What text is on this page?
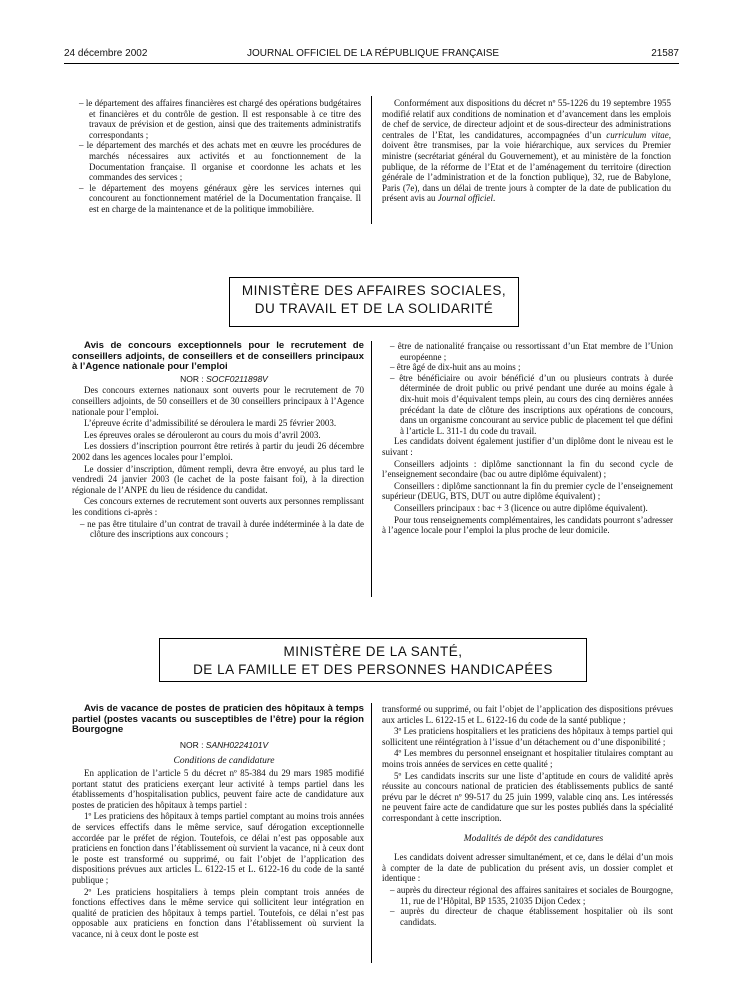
24 décembre 2002	JOURNAL OFFICIEL DE LA RÉPUBLIQUE FRANÇAISE	21587

– le département des affaires financières est chargé des opérations budgétaires et financières et du contrôle de gestion. Il est responsable à ce titre des travaux de prévision et de gestion, ainsi que des traitements administratifs correspondants ;

– le département des marchés et des achats met en œuvre les procédures de marchés nécessaires aux activités et au fonctionnement de la Documentation française. Il organise et coordonne les achats et les commandes des services ;

– le département des moyens généraux gère les services internes qui concourent au fonctionnement matériel de la Documentation française. Il est en charge de la maintenance et de la politique immobilière.

Conformément aux dispositions du décret nº 55-1226 du 19 septembre 1955 modifié relatif aux conditions de nomination et d’avancement dans les emplois de chef de service, de directeur adjoint et de sous-directeur des administrations centrales de l’Etat, les candidatures, accompagnées d’un curriculum vitae, doivent être transmises, par la voie hiérarchique, aux services du Premier ministre (secrétariat général du Gouvernement), et au ministère de la fonction publique, de la réforme de l’Etat et de l’aménagement du territoire (direction générale de l’administration et de la fonction publique), 32, rue de Babylone, Paris (7e), dans un délai de trente jours à compter de la date de publication du présent avis au Journal officiel.

MINISTÈRE DES AFFAIRES SOCIALES,
DU TRAVAIL ET DE LA SOLIDARITÉ

Avis de concours exceptionnels pour le recrutement de conseillers adjoints, de conseillers et de conseillers principaux à l’Agence nationale pour l’emploi

NOR : SOCF0211898V

Des concours externes nationaux sont ouverts pour le recrutement de 70 conseillers adjoints, de 50 conseillers et de 30 conseillers principaux à l’Agence nationale pour l’emploi.

L’épreuve écrite d’admissibilité se déroulera le mardi 25 février 2003.

Les épreuves orales se dérouleront au cours du mois d’avril 2003.

Les dossiers d’inscription pourront être retirés à partir du jeudi 26 décembre 2002 dans les agences locales pour l’emploi.

Le dossier d’inscription, dûment rempli, devra être envoyé, au plus tard le vendredi 24 janvier 2003 (le cachet de la poste faisant foi), à la direction régionale de l’ANPE du lieu de résidence du candidat.

Ces concours externes de recrutement sont ouverts aux personnes remplissant les conditions ci-après :

– ne pas être titulaire d’un contrat de travail à durée indéterminée à la date de clôture des inscriptions aux concours ;

– être de nationalité française ou ressortissant d’un Etat membre de l’Union européenne ;

– être âgé de dix-huit ans au moins ;

– être bénéficiaire ou avoir bénéficié d’un ou plusieurs contrats à durée déterminée de droit public ou privé pendant une durée au moins égale à dix-huit mois d’équivalent temps plein, au cours des cinq dernières années précédant la date de clôture des inscriptions aux opérations de concours, dans un organisme concourant au service public de placement tel que défini à l’article L. 311-1 du code du travail.

Les candidats doivent également justifier d’un diplôme dont le niveau est le suivant :

Conseillers adjoints : diplôme sanctionnant la fin du second cycle de l’enseignement secondaire (bac ou autre diplôme équivalent) ;

Conseillers : diplôme sanctionnant la fin du premier cycle de l’enseignement supérieur (DEUG, BTS, DUT ou autre diplôme équivalent) ;

Conseillers principaux : bac + 3 (licence ou autre diplôme équivalent).

Pour tous renseignements complémentaires, les candidats pourront s’adresser à l’agence locale pour l’emploi la plus proche de leur domicile.

MINISTÈRE DE LA SANTÉ,
DE LA FAMILLE ET DES PERSONNES HANDICAPÉES

Avis de vacance de postes de praticien des hôpitaux à temps partiel (postes vacants ou susceptibles de l’être) pour la région Bourgogne

NOR : SANH0224101V

Conditions de candidature

En application de l’article 5 du décret nº 85-384 du 29 mars 1985 modifié portant statut des praticiens exerçant leur activité à temps partiel dans les établissements d’hospitalisation publics, peuvent faire acte de candidature aux postes de praticien des hôpitaux à temps partiel :

1º Les praticiens des hôpitaux à temps partiel comptant au moins trois années de services effectifs dans le même service, sauf dérogation exceptionnelle accordée par le préfet de région. Toutefois, ce délai n’est pas opposable aux praticiens en fonction dans l’établissement où survient la vacance, ni à ceux dont le poste est transformé ou supprimé, ou fait l’objet de l’application des dispositions prévues aux articles L. 6122-15 et L. 6122-16 du code de la santé publique ;

2º Les praticiens hospitaliers à temps plein comptant trois années de fonctions effectives dans le même service qui sollicitent leur intégration en qualité de praticien des hôpitaux à temps partiel. Toutefois, ce délai n’est pas opposable aux praticiens en fonction dans l’établissement où survient la vacance, ni à ceux dont le poste est

transformé ou supprimé, ou fait l’objet de l’application des dispositions prévues aux articles L. 6122-15 et L. 6122-16 du code de la santé publique ;

3º Les praticiens hospitaliers et les praticiens des hôpitaux à temps partiel qui sollicitent une réintégration à l’issue d’un détachement ou d’une disponibilité ;

4º Les membres du personnel enseignant et hospitalier titulaires comptant au moins trois années de services en cette qualité ;

5º Les candidats inscrits sur une liste d’aptitude en cours de validité après réussite au concours national de praticien des établissements publics de santé prévu par le décret nº 99-517 du 25 juin 1999, valable cinq ans. Les intéressés ne peuvent faire acte de candidature que sur les postes publiés dans la spécialité correspondant à cette inscription.

Modalités de dépôt des candidatures

Les candidats doivent adresser simultanément, et ce, dans le délai d’un mois à compter de la date de publication du présent avis, un dossier complet et identique :

– auprès du directeur régional des affaires sanitaires et sociales de Bourgogne, 11, rue de l’Hôpital, BP 1535, 21035 Dijon Cedex ;

– auprès du directeur de chaque établissement hospitalier où ils sont candidats.
